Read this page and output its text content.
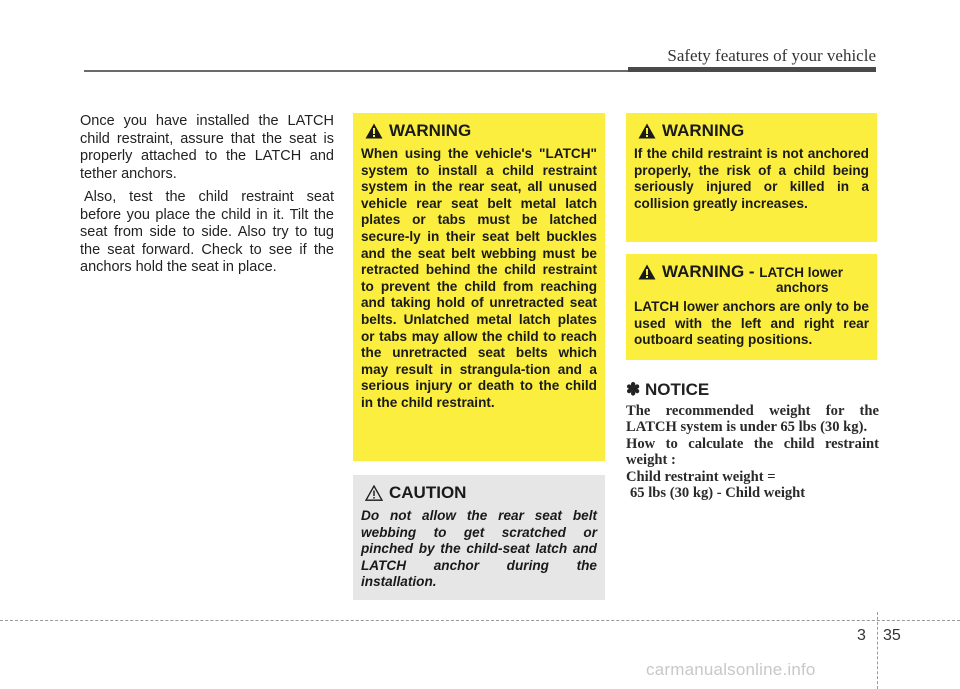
Safety features of your vehicle

Once you have installed the LATCH child restraint, assure that the seat is properly attached to the LATCH and tether anchors.

Also, test the child restraint seat before you place the child in it. Tilt the seat from side to side. Also try to tug the seat forward. Check to see if the anchors hold the seat in place.

WARNING
When using the vehicle's "LATCH" system to install a child restraint system in the rear seat, all unused vehicle rear seat belt metal latch plates or tabs must be latched secure-ly in their seat belt buckles and the seat belt webbing must be retracted behind the child restraint to prevent the child from reaching and taking hold of unretracted seat belts. Unlatched metal latch plates or tabs may allow the child to reach the unretracted seat belts which may result in strangula-tion and a serious injury or death to the child in the child restraint.
CAUTION
Do not allow the rear seat belt webbing to get scratched or pinched by the child-seat latch and LATCH anchor during the installation.
WARNING
If the child restraint is not anchored properly, the risk of a child being seriously injured or killed in a collision greatly increases.
WARNING - LATCH lower
anchors
LATCH lower anchors are only to be used with the left and right rear outboard seating positions.
✽ NOTICE
The recommended weight for the LATCH system is under 65 lbs (30 kg).
How to calculate the child restraint weight :
Child restraint weight =
65 lbs (30 kg) - Child weight
3 35
carmanualsonline.info
